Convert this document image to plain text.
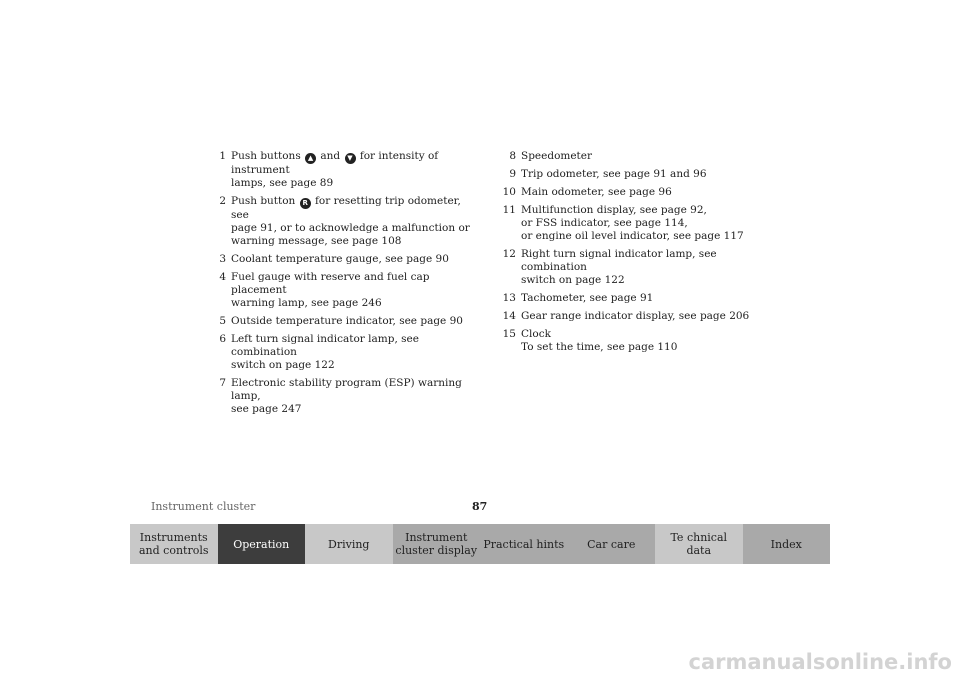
1 Push buttons ▲ and ▼ for intensity of instrument
lamps, see page 89
2 Push button R for resetting trip odometer, see
page 91, or to acknowledge a malfunction or
warning message, see page 108
3 Coolant temperature gauge, see page 90
4 Fuel gauge with reserve and fuel cap placement
warning lamp, see page 246
5 Outside temperature indicator, see page 90
6 Left turn signal indicator lamp, see combination
switch on page 122
7 Electronic stability program (ESP) warning lamp,
see page 247
8 Speedometer
9 Trip odometer, see page 91 and 96
10 Main odometer, see page 96
11 Multifunction display, see page 92,
or FSS indicator, see page 114,
or engine oil level indicator, see page 117
12 Right turn signal indicator lamp, see combination
switch on page 122
13 Tachometer, see page 91
14 Gear range indicator display, see page 206
15 Clock
To set the time, see page 110
Instrument cluster	87
Instruments
and controls	Operation	Driving	Instrument
cluster display Practical hints	Car care	Te chnical
data	Index
carmanualsonline.info
